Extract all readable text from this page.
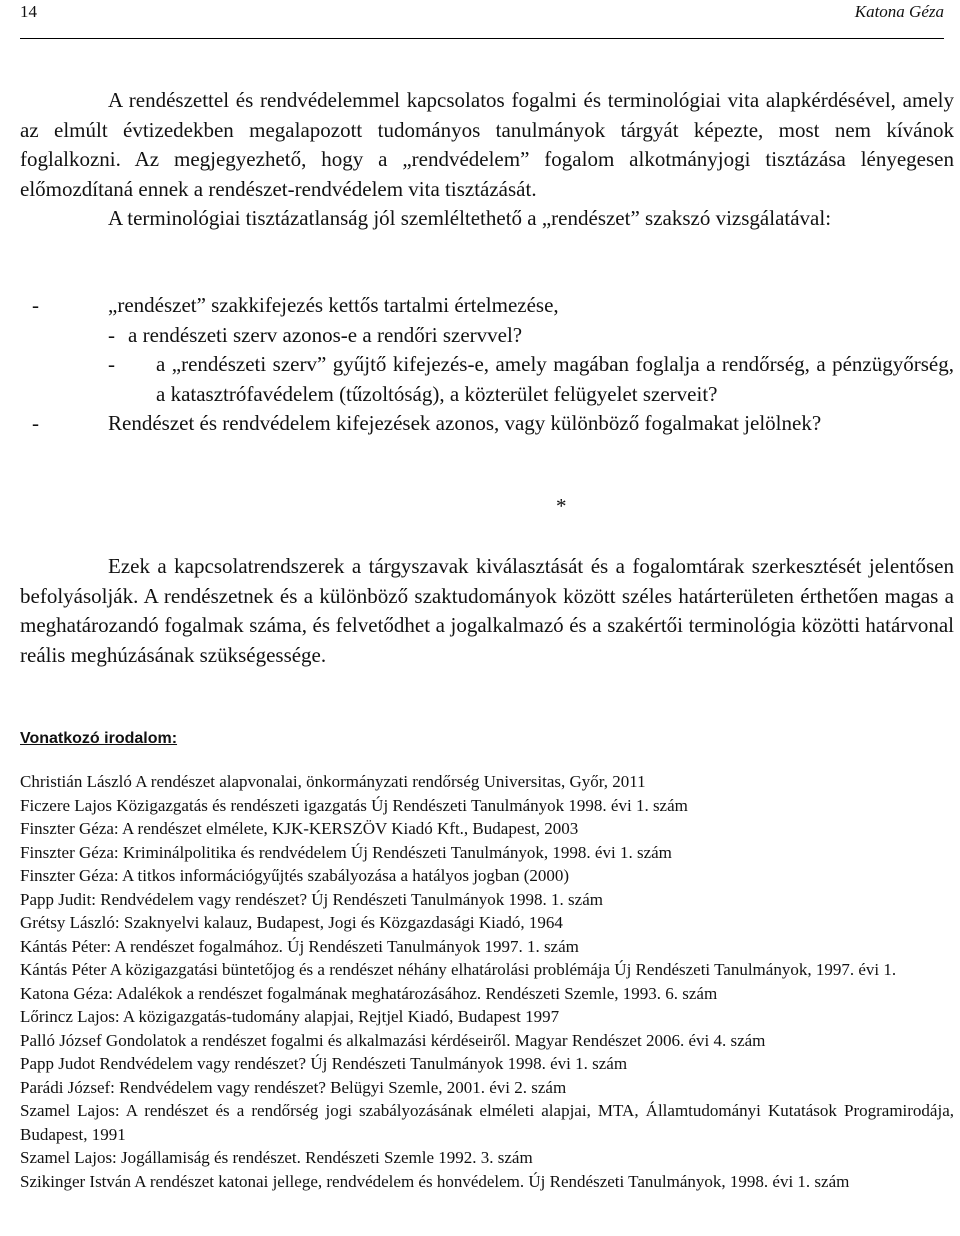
14	Katona Géza

A rendészettel és rendvédelemmel kapcsolatos fogalmi és terminológiai vita alapkérdésével, amely az elmúlt évtizedekben megalapozott tudományos tanulmányok tárgyát képezte, most nem kívánok foglalkozni. Az megjegyezhető, hogy a „rendvédelem” fogalom alkotmányjogi tisztázása lényegesen előmozdítaná ennek a rendészet-rendvédelem vita tisztázását.

A terminológiai tisztázatlanság jól szemléltethető a „rendészet” szakszó vizsgálatával:

-	„rendészet” szakkifejezés kettős tartalmi értelmezése,
- a rendészeti szerv azonos-e a rendőri szervvel?
- a „rendészeti szerv” gyűjtő kifejezés-e, amely magában foglalja a rendőrség, a pénzügyőrség, a katasztrófavédelem (tűzoltóság), a közterület felügyelet szerveit?
-	Rendészet és rendvédelem kifejezések azonos, vagy különböző fogalmakat jelölnek?
*

Ezek a kapcsolatrendszerek a tárgyszavak kiválasztását és a fogalomtárak szerkesztését jelentősen befolyásolják. A rendészetnek és a különböző szaktudományok között széles határterületen érthetően magas a meghatározandó fogalmak száma, és felvetődhet a jogalkalmazó és a szakértői terminológia közötti határvonal reális meghúzásának szükségessége.

Vonatkozó irodalom:
Christián László A rendészet alapvonalai, önkormányzati rendőrség Universitas, Győr, 2011
Ficzere Lajos Közigazgatás és rendészeti igazgatás Új Rendészeti Tanulmányok 1998. évi 1. szám
Finszter Géza: A rendészet elmélete, KJK-KERSZÖV Kiadó Kft., Budapest, 2003
Finszter Géza: Kriminálpolitika és rendvédelem Új Rendészeti Tanulmányok, 1998. évi 1. szám
Finszter Géza: A titkos információgyűjtés szabályozása a hatályos jogban (2000)
Papp Judit: Rendvédelem vagy rendészet? Új Rendészeti Tanulmányok 1998. 1. szám
Grétsy László: Szaknyelvi kalauz, Budapest, Jogi és Közgazdasági Kiadó, 1964
Kántás Péter: A rendészet fogalmához. Új Rendészeti Tanulmányok 1997. 1. szám
Kántás Péter A közigazgatási büntetőjog és a rendészet néhány elhatárolási problémája Új Rendészeti Tanulmányok, 1997. évi 1.
Katona Géza: Adalékok a rendészet fogalmának meghatározásához. Rendészeti Szemle, 1993. 6. szám
Lőrincz Lajos: A közigazgatás-tudomány alapjai, Rejtjel Kiadó, Budapest 1997
Palló József Gondolatok a rendészet fogalmi és alkalmazási kérdéseiről. Magyar Rendészet 2006. évi 4. szám
Papp Judot Rendvédelem vagy rendészet? Új Rendészeti Tanulmányok 1998. évi 1. szám
Parádi József: Rendvédelem vagy rendészet? Belügyi Szemle, 2001. évi 2. szám
Szamel Lajos: A rendészet és a rendőrség jogi szabályozásának elméleti alapjai, MTA, Államtudományi Kutatások Programirodája, Budapest, 1991
Szamel Lajos: Jogállamiság és rendészet. Rendészeti Szemle 1992. 3. szám
Szikinger István A rendészet katonai jellege, rendvédelem és honvédelem. Új Rendészeti Tanulmányok, 1998. évi 1. szám
